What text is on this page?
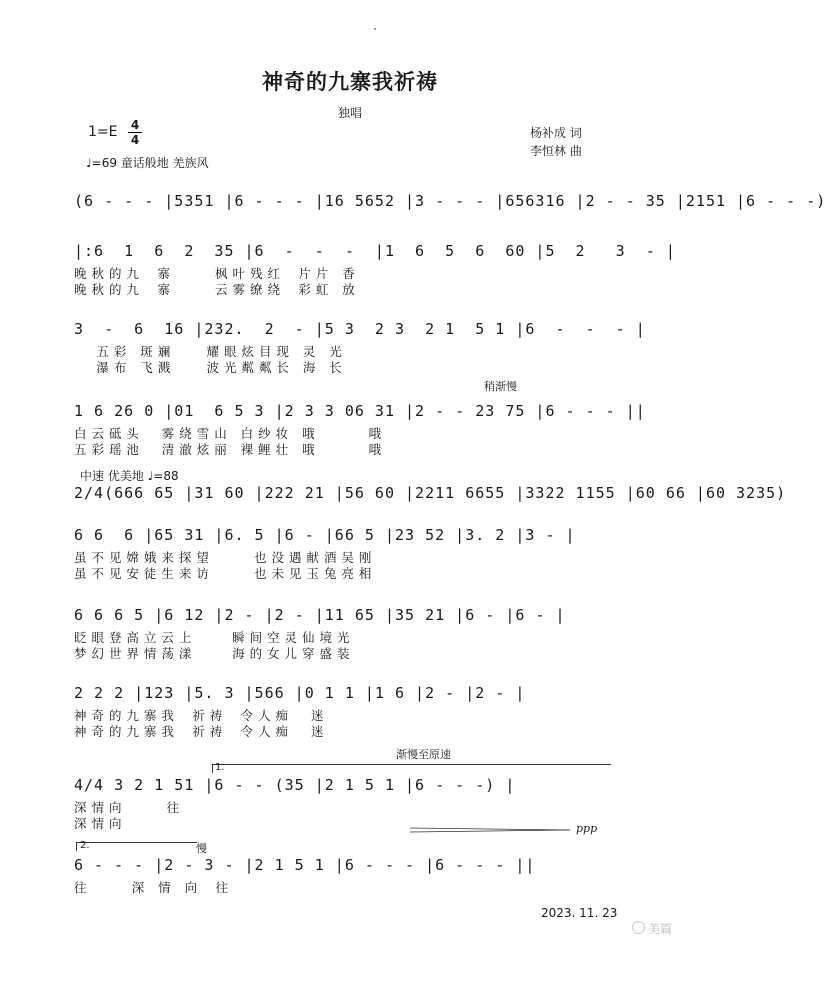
神奇的九寨我祈祷
独唱
1=E 4
4
♩=69 童话般地 羌族风
杨补成 词
李恒林 曲
(6 - - - |5351 |6 - - - |16 5652 |3 - - - |656316 |2 - - 35 |2151 |6 - - -)
|:6  1  6  2  35 |6  -  -  -  |1  6  5  6  60 |5  2   3  - |
晚 秋 的 九    寨          枫 叶 残 红    片 片   香
晚 秋 的 九    寨          云 雾 缭 绕    彩 虹   放
3  -  6  16 |232.  2  - |5 3  2 3  2 1  5 1 |6  -  -  - |
五 彩   斑 斓        耀 眼 炫 目 现   灵   光
瀑 布   飞 溅        波 光 粼 粼 长   海   长
稍渐慢
1 6 26 0 |01  6 5 3 |2 3 3 06 31 |2 - - 23 75 |6 - - - ||
白 云 砥 头     雾 绕 雪 山   白 纱 妆   哦            哦
五 彩 瑶 池     清 澈 炫 丽   裸 鲤 壮   哦            哦
中速 优美地 ♩=88
2/4(666 65 |31 60 |222 21 |56 60 |2211 6655 |3322 1155 |60 66 |60 3235)
6 6  6 |65 31 |6. 5 |6 - |66 5 |23 52 |3. 2 |3 - |
虽 不 见 嫦 娥 来 探 望          也 没 遇 献 酒 吴 刚
虽 不 见 安 徒 生 来 访          也 未 见 玉 兔 亮 相
6 6 6 5 |6 12 |2 - |2 - |11 65 |35 21 |6 - |6 - |
眨 眼 登 高 立 云 上         瞬 间 空 灵 仙 境 光
梦 幻 世 界 情 荡 漾         海 的 女 儿 穿 盛 装
2 2 2 |123 |5. 3 |566 |0 1 1 |1 6 |2 - |2 - |
神 奇 的 九 寨 我    祈 祷    令 人 痴     迷
神 奇 的 九 寨 我    祈 祷    令 人 痴     迷
渐慢至原速
1.
4/4 3 2 1 51 |6 - - (35 |2 1 5 1 |6 - - -) |
深 情 向          往
深 情 向	ppp
2.	慢
6 - - - |2 - 3 - |2 1 5 1 |6 - - - |6 - - - ||
往          深   情   向    往
2023. 11. 23
美篇
